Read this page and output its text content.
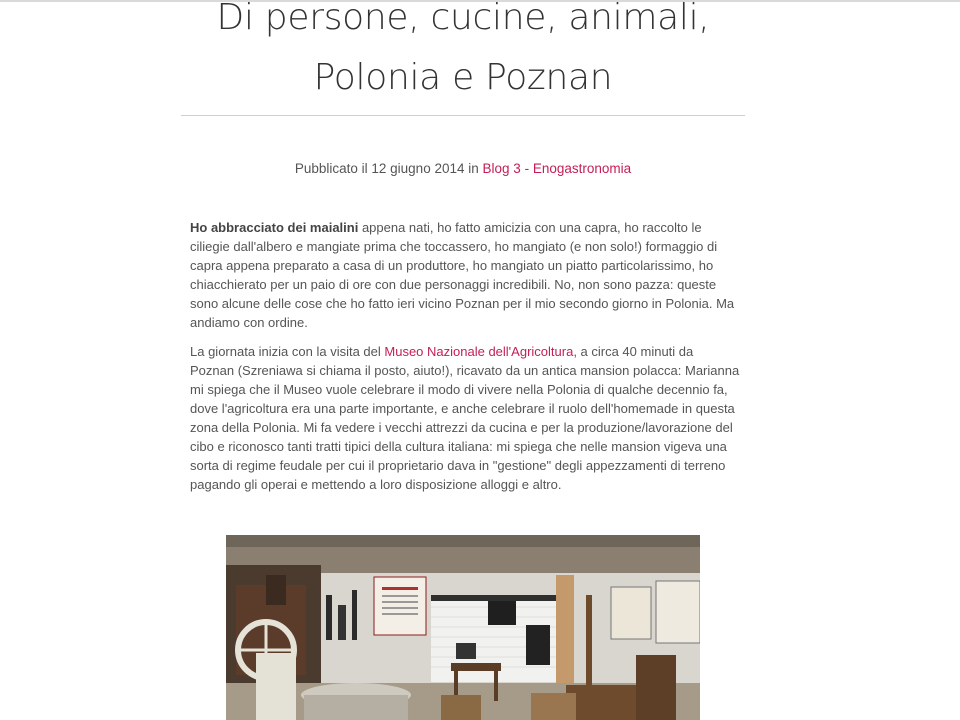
Di persone, cucine, animali,
Polonia e Poznan
Pubblicato il 12 giugno 2014 in Blog 3 - Enogastronomia

Ho abbracciato dei maialini appena nati, ho fatto amicizia con una capra, ho raccolto le ciliegie dall'albero e mangiate prima che toccassero, ho mangiato (e non solo!) formaggio di capra appena preparato a casa di un produttore, ho mangiato un piatto particolarissimo, ho chiacchierato per un paio di ore con due personaggi incredibili. No, non sono pazza: queste sono alcune delle cose che ho fatto ieri vicino Poznan per il mio secondo giorno in Polonia. Ma andiamo con ordine.

La giornata inizia con la visita del Museo Nazionale dell'Agricoltura, a circa 40 minuti da Poznan (Szreniawa si chiama il posto, aiuto!), ricavato da un antica mansion polacca: Marianna mi spiega che il Museo vuole celebrare il modo di vivere nella Polonia di qualche decennio fa, dove l'agricoltura era una parte importante, e anche celebrare il ruolo dell'homemade in questa zona della Polonia. Mi fa vedere i vecchi attrezzi da cucina e per la produzione/lavorazione del cibo e riconosco tanti tratti tipici della cultura italiana: mi spiega che nelle mansion vigeva una sorta di regime feudale per cui il proprietario dava in "gestione" degli appezzamenti di terreno pagando gli operai e mettendo a loro disposizione alloggi e altro.
